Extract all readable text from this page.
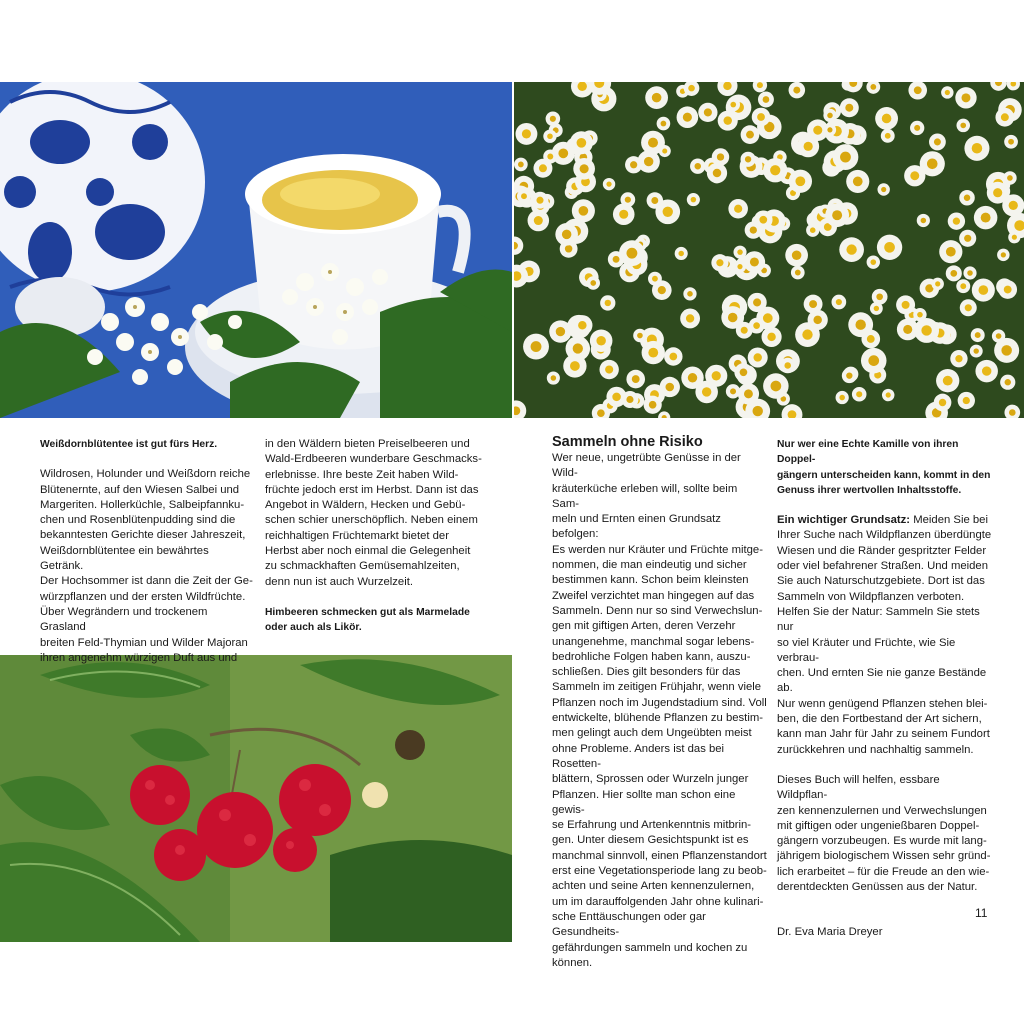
Weißdornblütentee ist gut fürs Herz.

Wildrosen, Holunder und Weißdorn reiche

Blütenernte, auf den Wiesen Salbei und

Margeriten. Hollerküchle, Salbeipfannku-

chen und Rosenblütenpudding sind die

bekanntesten Gerichte dieser Jahreszeit,

Weißdornblütentee ein bewährtes Getränk.

Der Hochsommer ist dann die Zeit der Ge-

würzpflanzen und der ersten Wildfrüchte.

Über Wegrändern und trockenem Grasland

breiten Feld-Thymian und Wilder Majoran

ihren angenehm würzigen Duft aus und

in den Wäldern bieten Preiselbeeren und

Wald-Erdbeeren wunderbare Geschmacks-

erlebnisse. Ihre beste Zeit haben Wild-

früchte jedoch erst im Herbst. Dann ist das

Angebot in Wäldern, Hecken und Gebü-

schen schier unerschöpflich. Neben einem

reichhaltigen Früchtemarkt bietet der

Herbst aber noch einmal die Gelegenheit

zu schmackhaften Gemüsemahlzeiten,

denn nun ist auch Wurzelzeit.

Himbeeren schmecken gut als Marmelade

oder auch als Likör.

Sammeln ohne Risiko

Wer neue, ungetrübte Genüsse in der Wild-

kräuterküche erleben will, sollte beim Sam-

meln und Ernten einen Grundsatz befolgen:

Es werden nur Kräuter und Früchte mitge-

nommen, die man eindeutig und sicher

bestimmen kann. Schon beim kleinsten

Zweifel verzichtet man hingegen auf das

Sammeln. Denn nur so sind Verwechslun-

gen mit giftigen Arten, deren Verzehr

unangenehme, manchmal sogar lebens-

bedrohliche Folgen haben kann, auszu-

schließen. Dies gilt besonders für das

Sammeln im zeitigen Frühjahr, wenn viele

Pflanzen noch im Jugendstadium sind. Voll

entwickelte, blühende Pflanzen zu bestim-

men gelingt auch dem Ungeübten meist

ohne Probleme. Anders ist das bei Rosetten-

blättern, Sprossen oder Wurzeln junger

Pflanzen. Hier sollte man schon eine gewis-

se Erfahrung und Artenkenntnis mitbrin-

gen. Unter diesem Gesichtspunkt ist es

manchmal sinnvoll, einen Pflanzenstandort

erst eine Vegetationsperiode lang zu beob-

achten und seine Arten kennenzulernen,

um im darauffolgenden Jahr ohne kulinari-

sche Enttäuschungen oder gar Gesundheits-

gefährdungen sammeln und kochen zu

können.

Nur wer eine Echte Kamille von ihren Doppel-

gängern unterscheiden kann, kommt in den

Genuss ihrer wertvollen Inhaltsstoffe.

Ein wichtiger Grundsatz: Meiden Sie bei

Ihrer Suche nach Wildpflanzen überdüngte

Wiesen und die Ränder gespritzter Felder

oder viel befahrener Straßen. Und meiden

Sie auch Naturschutzgebiete. Dort ist das

Sammeln von Wildpflanzen verboten.

Helfen Sie der Natur: Sammeln Sie stets nur

so viel Kräuter und Früchte, wie Sie verbrau-

chen. Und ernten Sie nie ganze Bestände ab.

Nur wenn genügend Pflanzen stehen blei-

ben, die den Fortbestand der Art sichern,

kann man Jahr für Jahr zu seinem Fundort

zurückkehren und nachhaltig sammeln.

Dieses Buch will helfen, essbare Wildpflan-

zen kennenzulernen und Verwechslungen

mit giftigen oder ungenießbaren Doppel-

gängern vorzubeugen. Es wurde mit lang-

jährigem biologischem Wissen sehr gründ-

lich erarbeitet – für die Freude an den wie-

derentdeckten Genüssen aus der Natur.

Dr. Eva Maria Dreyer

11
